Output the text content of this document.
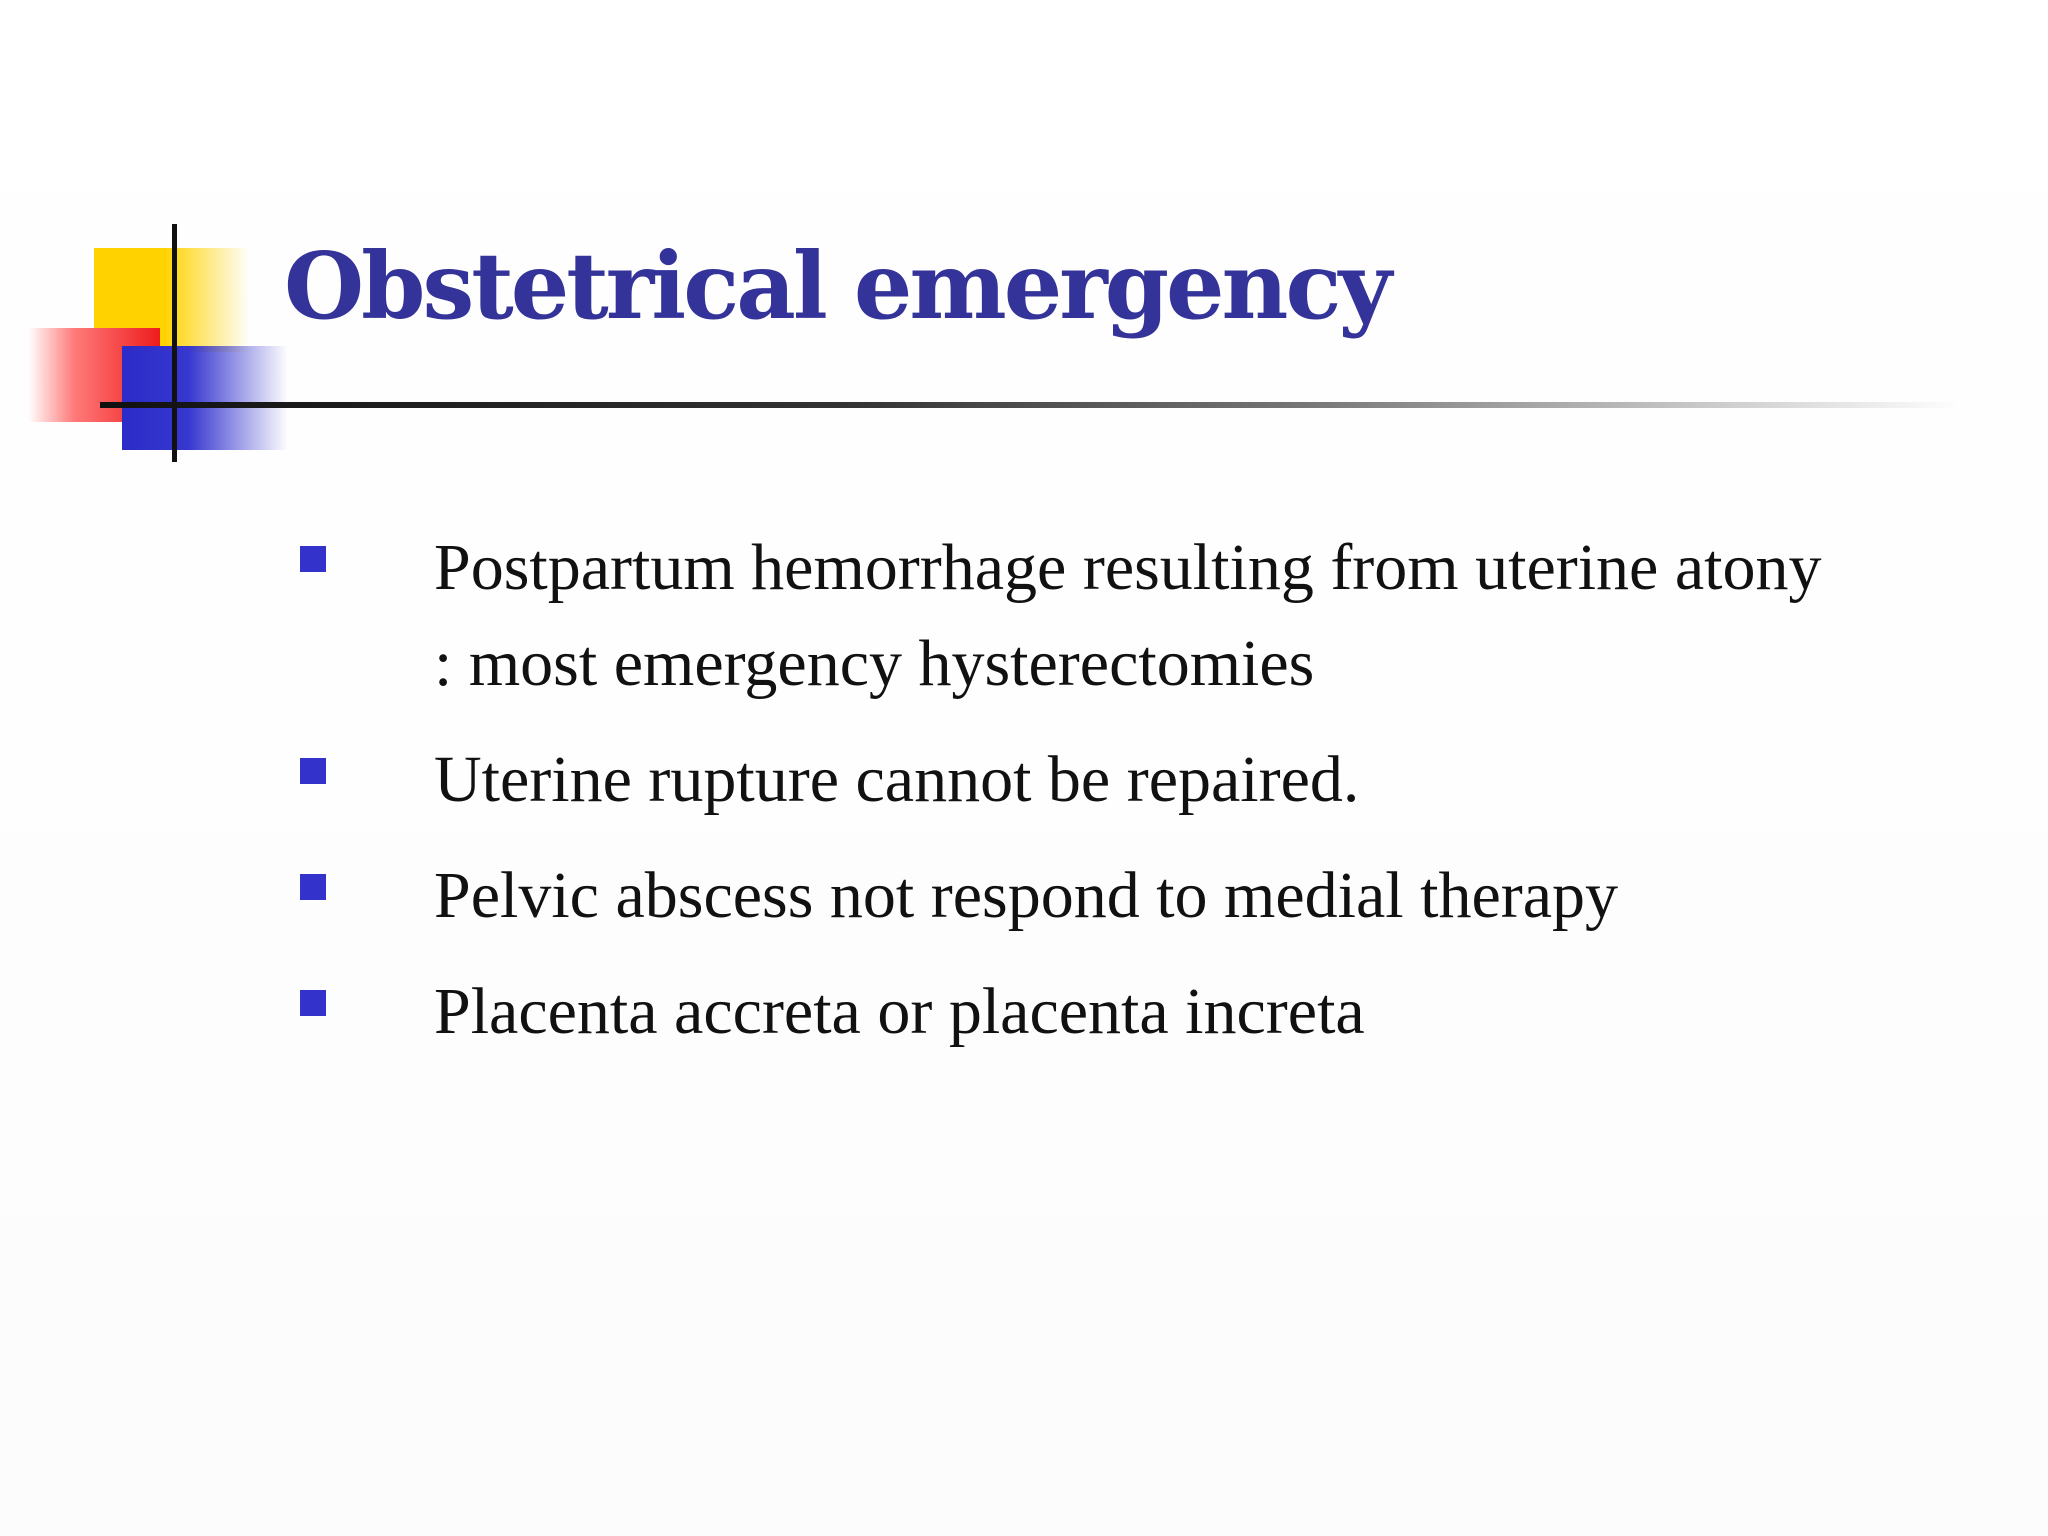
Obstetrical emergency
Postpartum hemorrhage resulting from uterine atony : most emergency hysterectomies
Uterine rupture cannot be repaired.
Pelvic abscess not respond to medial therapy
Placenta accreta or placenta increta
